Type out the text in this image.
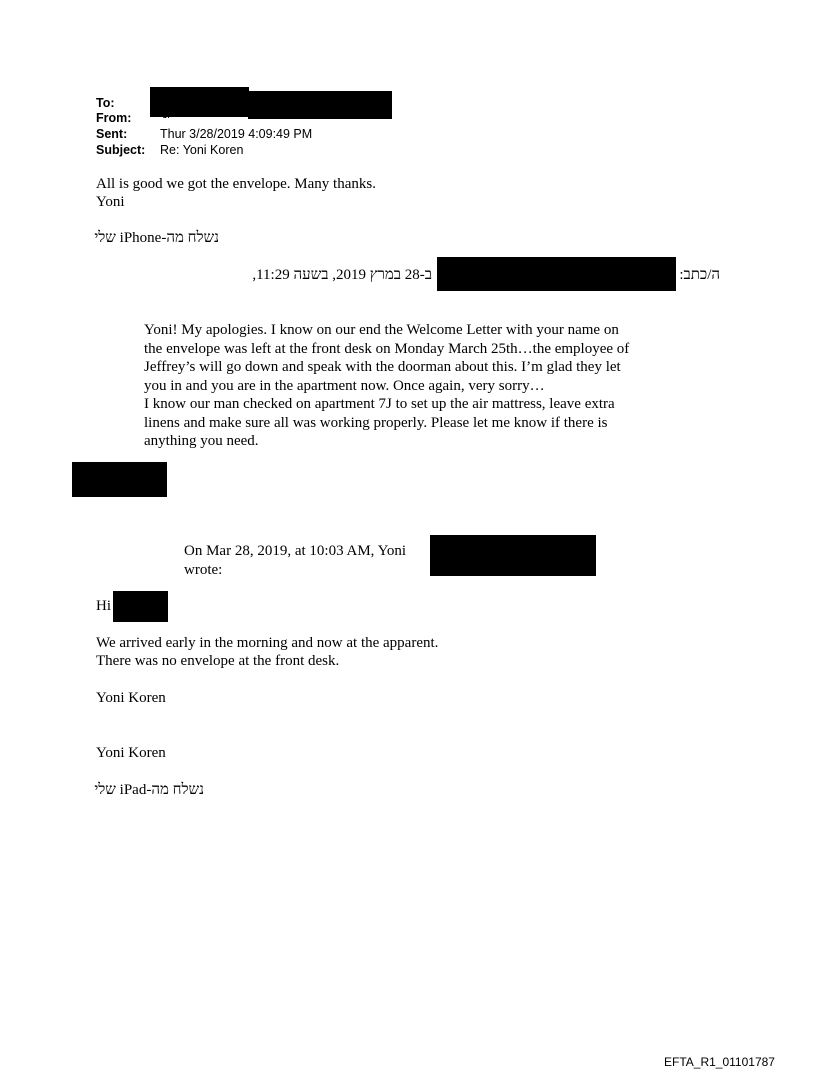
To:
From:	יוני
Sent:	Thur 3/28/2019 4:09:49 PM
Subject: Re: Yoni Koren
All is good we got the envelope. Many thanks.
Yoni
נשלח מה-iPhone שלי
ב-28 במרץ 2019, בשעה 11:29,	ה/כתב:
Yoni! My apologies. I know on our end the Welcome Letter with your name on
the envelope was left at the front desk on Monday March 25th…the employee of
Jeffrey’s will go down and speak with the doorman about this. I’m glad they let
you in and you are in the apartment now. Once again, very sorry…
I know our man checked on apartment 7J to set up the air mattress, leave extra
linens and make sure all was working properly. Please let me know if there is
anything you need.
On Mar 28, 2019, at 10:03 AM, Yoni
wrote:
Hi
We arrived early in the morning and now at the apparent.
There was no envelope at the front desk.
Yoni Koren
Yoni Koren
נשלח מה-iPad שלי
EFTA_R1_01101787
